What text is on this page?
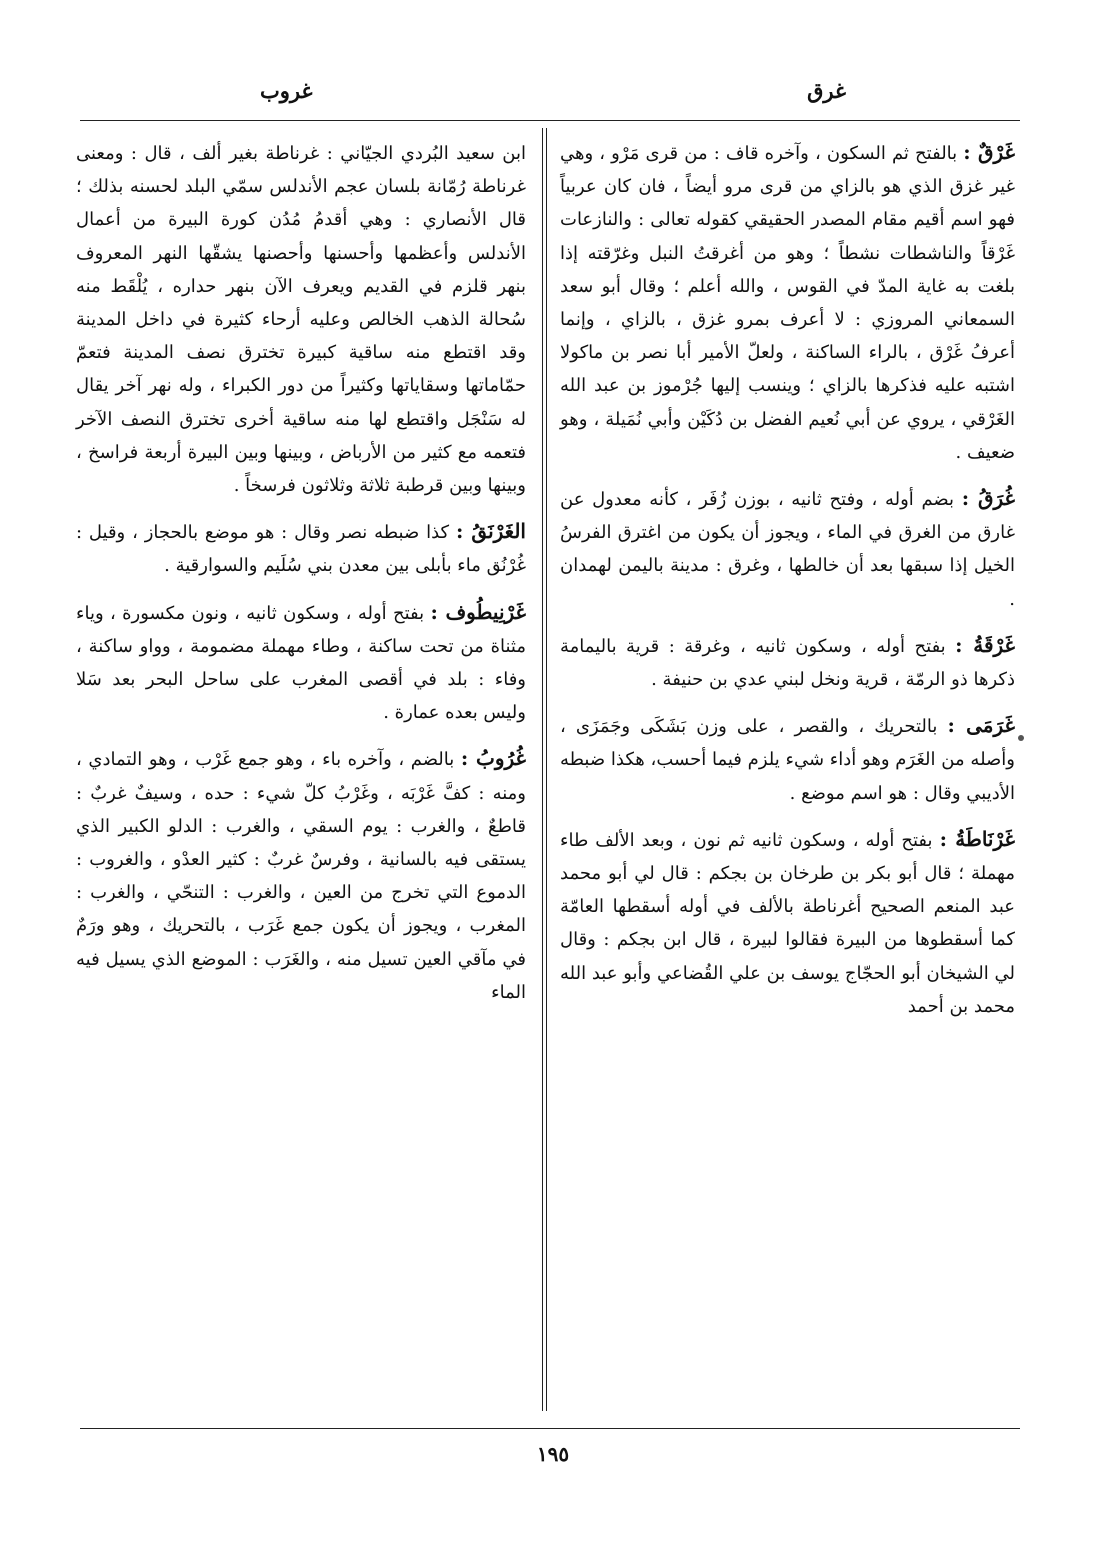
غرق
غروب

غَرْقٌ : بالفتح ثم السكون ، وآخره قاف : من قرى مَرْو ، وهي غير غزق الذي هو بالزاي من قرى مرو أيضاً ، فان كان عربياً فهو اسم أقيم مقام المصدر الحقيقي كقوله تعالى : والنازعات غَرْقاً والناشطات نشطاً ؛ وهو من أغرقتُ النبل وغرّقته إذا بلغت به غاية المدّ في القوس ، والله أعلم ؛ وقال أبو سعد السمعاني المروزي : لا أعرف بمرو غزق ، بالزاي ، وإنما أعرفُ غَرْق ، بالراء الساكنة ، ولعلّ الأمير أبا نصر بن ماكولا اشتبه عليه فذكرها بالزاي ؛ وينسب إليها جُرْموز بن عبد الله الغَرْقي ، يروي عن أبي نُعيم الفضل بن دُكَيْن وأبي نُمَيلة ، وهو ضعيف .

غُرَقُ : بضم أوله ، وفتح ثانيه ، بوزن زُفَر ، كأنه معدول عن غارق من الغرق في الماء ، ويجوز أن يكون من اغترق الفرسُ الخيل إذا سبقها بعد أن خالطها ، وغرق : مدينة باليمن لهمدان .

غَرْقَةُ : بفتح أوله ، وسكون ثانيه ، وغرقة : قرية باليمامة ذكرها ذو الرمّة ، قرية ونخل لبني عدي بن حنيفة .

غَرَمَى : بالتحريك ، والقصر ، على وزن بَشَكَى وجَمَزَى ، وأصله من الغَرَم وهو أداء شيء يلزم فيما أحسب، هكذا ضبطه الأديبي وقال : هو اسم موضع .

غَرْنَاطَةُ : بفتح أوله ، وسكون ثانيه ثم نون ، وبعد الألف طاء مهملة ؛ قال أبو بكر بن طرخان بن بجكم : قال لي أبو محمد عبد المنعم الصحيح أغرناطة بالألف في أوله أسقطها العامّة كما أسقطوها من البيرة فقالوا لبيرة ، قال ابن بجكم : وقال لي الشيخان أبو الحجّاج يوسف بن علي القُضاعي وأبو عبد الله محمد بن أحمد

ابن سعيد البُردي الجيّاني : غرناطة بغير ألف ، قال : ومعنى غرناطة رُمّانة بلسان عجم الأندلس سمّي البلد لحسنه بذلك ؛ قال الأنصاري : وهي أقدمُ مُدُن كورة البيرة من أعمال الأندلس وأعظمها وأحسنها وأحصنها يشقّها النهر المعروف بنهر قلزم في القديم ويعرف الآن بنهر حداره ، يُلْقَط منه سُحالة الذهب الخالص وعليه أرحاء كثيرة في داخل المدينة وقد اقتطع منه ساقية كبيرة تخترق نصف المدينة فتعمّ حمّاماتها وسقاياتها وكثيراً من دور الكبراء ، وله نهر آخر يقال له سَنْجَل واقتطع لها منه ساقية أخرى تخترق النصف الآخر فتعمه مع كثير من الأرباض ، وبينها وبين البيرة أربعة فراسخ ، وبينها وبين قرطبة ثلاثة وثلاثون فرسخاً .

الغَرْنَقُ : كذا ضبطه نصر وقال : هو موضع بالحجاز ، وقيل : غُرْنُق ماء بأبلى بين معدن بني سُلَيم والسوارقية .

غَرْنِيطُوف : بفتح أوله ، وسكون ثانيه ، ونون مكسورة ، وياء مثناة من تحت ساكنة ، وطاء مهملة مضمومة ، وواو ساكنة ، وفاء : بلد في أقصى المغرب على ساحل البحر بعد سَلا وليس بعده عمارة .

غُرُوبُ : بالضم ، وآخره باء ، وهو جمع غَرْب ، وهو التمادي ، ومنه : كفَّ غَرْبَه ، وغَرْبُ كلّ شيء : حده ، وسيفٌ غربٌ : قاطعٌ ، والغرب : يوم السقي ، والغرب : الدلو الكبير الذي يستقى فيه بالسانية ، وفرسٌ غربٌ : كثير العدْو ، والغروب : الدموع التي تخرج من العين ، والغرب : التنحّي ، والغرب : المغرب ، ويجوز أن يكون جمع غَرَب ، بالتحريك ، وهو ورَمٌ في مآقي العين تسيل منه ، والغَرَب : الموضع الذي يسيل فيه الماء

١٩٥
